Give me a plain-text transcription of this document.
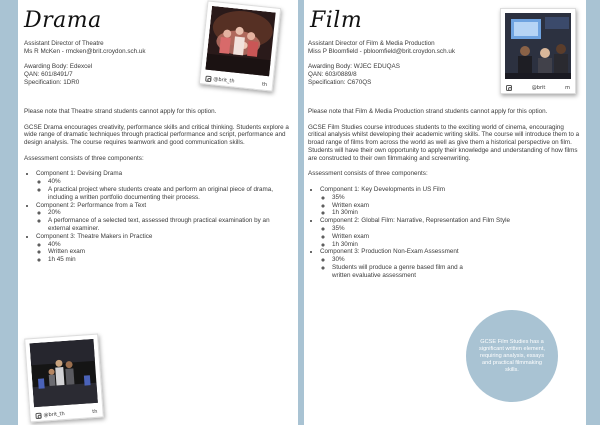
Drama

Assistant Director of Theatre

Ms R McKen - rmcken@brit.croydon.sch.uk

Awarding Body: Edexcel

QAN: 601/8491/7

Specification: 1DR0

Please note that Theatre strand students cannot apply for this option.

GCSE Drama encourages creativity, performance skills and critical thinking. Students explore a wide range of dramatic techniques through practical performance and script, performance and design analysis. The course requires teamwork and good communication skills.

Assessment consists of three components:

• Component 1: Devising Drama
◦ 40%
◦ A practical project where students create and perform an original piece of drama, including a written portfolio documenting their process.
• Component 2: Performance from a Text
◦ 20%
◦ A performance of a selected text, assessed through practical examination by an external examiner.
• Component 3: Theatre Makers in Practice
◦ 40%
◦ Written exam
◦ 1h 45 min
@brit_th
th
@brit_th	th
Film

Assistant Director of Film & Media Production

Miss P Bloomfield - pbloomfield@brit.croydon.sch.uk

Awarding Body: WJEC EDUQAS

QAN: 603/0889/8

Specification: C670QS

Please note that Film & Media Production strand students cannot apply for this option.

GCSE Film Studies course introduces students to the exciting world of cinema, encouraging critical analysis whilst developing their academic writing skills. The course will introduce them to a broad range of films from across the world as well as give them a historical perspective on film. Students will have their own opportunity to apply their knowledge and understanding of how films are constructed to their own filmmaking and screenwriting.

Assessment consists of three components:

• Component 1: Key Developments in US Film
◦ 35%
◦ Written exam
◦ 1h 30min
• Component 2: Global Film: Narrative, Representation and Film Style
◦ 35%
◦ Written exam
◦ 1h 30min
• Component 3: Production Non-Exam Assessment
◦ 30%
◦ Students will produce a genre based film and a written evaluative assessment
@brit	m
GCSE Film Studies has a significant written element, requiring analysis, essays and practical filmmaking skills.
